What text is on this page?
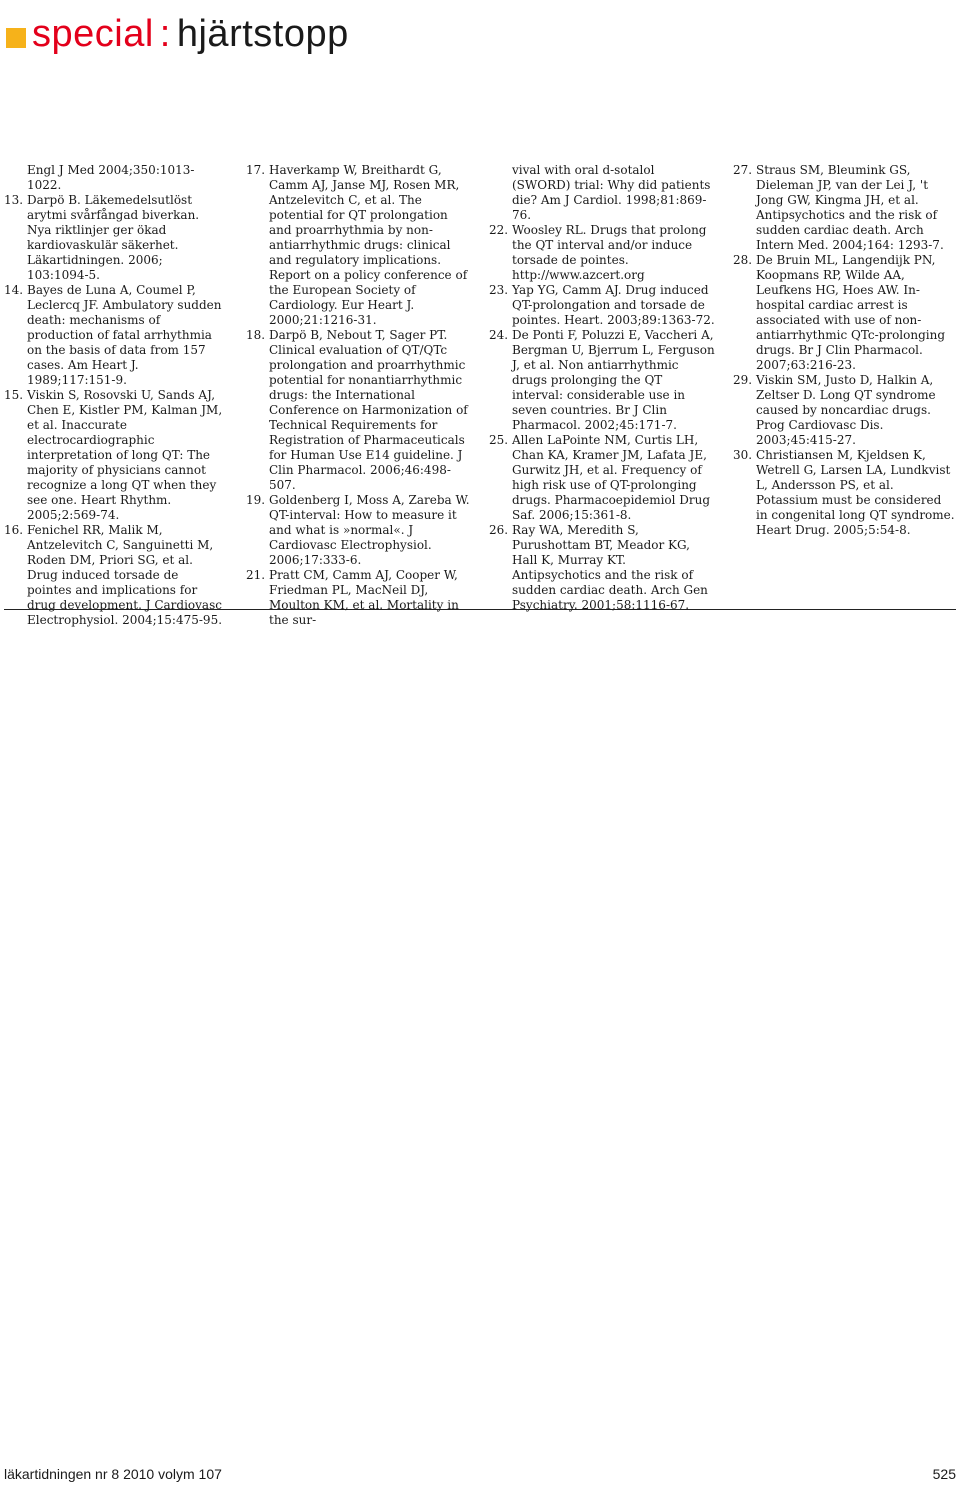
special : hjärtstopp
Engl J Med 2004;350:1013-1022.
13. Darpö B. Läkemedelsutlöst arytmi svårfångad biverkan. Nya riktlinjer ger ökad kardiovaskulär säkerhet. Läkartidningen. 2006; 103:1094-5.
14. Bayes de Luna A, Coumel P, Leclercq JF. Ambulatory sudden death: mechanisms of production of fatal arrhythmia on the basis of data from 157 cases. Am Heart J. 1989;117:151-9.
15. Viskin S, Rosovski U, Sands AJ, Chen E, Kistler PM, Kalman JM, et al. Inaccurate electrocardiographic interpretation of long QT: The majority of physicians cannot recognize a long QT when they see one. Heart Rhythm. 2005;2:569-74.
16. Fenichel RR, Malik M, Antzelevitch C, Sanguinetti M, Roden DM, Priori SG, et al. Drug induced torsade de pointes and implications for drug development. J Cardiovasc Electrophysiol. 2004;15:475-95.
17. Haverkamp W, Breithardt G, Camm AJ, Janse MJ, Rosen MR, Antzelevitch C, et al. The potential for QT prolongation and proarrhythmia by non-antiarrhythmic drugs: clinical and regulatory implications. Report on a policy conference of the European Society of Cardiology. Eur Heart J. 2000;21:1216-31.
18. Darpö B, Nebout T, Sager PT. Clinical evaluation of QT/QTc prolongation and proarrhythmic potential for nonantiarrhythmic drugs: the International Conference on Harmonization of Technical Requirements for Registration of Pharmaceuticals for Human Use E14 guideline. J Clin Pharmacol. 2006;46:498-507.
19. Goldenberg I, Moss A, Zareba W. QT-interval: How to measure it and what is »normal«. J Cardiovasc Electrophysiol. 2006;17:333-6.
21. Pratt CM, Camm AJ, Cooper W, Friedman PL, MacNeil DJ, Moulton KM, et al. Mortality in the sur-
vival with oral d-sotalol (SWORD) trial: Why did patients die? Am J Cardiol. 1998;81:869-76.
22. Woosley RL. Drugs that prolong the QT interval and/or induce torsade de pointes. http://www.azcert.org
23. Yap YG, Camm AJ. Drug induced QT-prolongation and torsade de pointes. Heart. 2003;89:1363-72.
24. De Ponti F, Poluzzi E, Vaccheri A, Bergman U, Bjerrum L, Ferguson J, et al. Non antiarrhythmic drugs prolonging the QT interval: considerable use in seven countries. Br J Clin Pharmacol. 2002;45:171-7.
25. Allen LaPointe NM, Curtis LH, Chan KA, Kramer JM, Lafata JE, Gurwitz JH, et al. Frequency of high risk use of QT-prolonging drugs. Pharmacoepidemiol Drug Saf. 2006;15:361-8.
26. Ray WA, Meredith S, Purushottam BT, Meador KG, Hall K, Murray KT. Antipsychotics and the risk of sudden cardiac death. Arch Gen Psychiatry. 2001;58:1116-67.
27. Straus SM, Bleumink GS, Dieleman JP, van der Lei J, 't Jong GW, Kingma JH, et al. Antipsychotics and the risk of sudden cardiac death. Arch Intern Med. 2004;164: 1293-7.
28. De Bruin ML, Langendijk PN, Koopmans RP, Wilde AA, Leufkens HG, Hoes AW. In-hospital cardiac arrest is associated with use of non-antiarrhythmic QTc-prolonging drugs. Br J Clin Pharmacol. 2007;63:216-23.
29. Viskin SM, Justo D, Halkin A, Zeltser D. Long QT syndrome caused by noncardiac drugs. Prog Cardiovasc Dis. 2003;45:415-27.
30. Christiansen M, Kjeldsen K, Wetrell G, Larsen LA, Lundkvist L, Andersson PS, et al. Potassium must be considered in congenital long QT syndrome. Heart Drug. 2005;5:54-8.
läkartidningen nr 8 2010 volym 107	525
